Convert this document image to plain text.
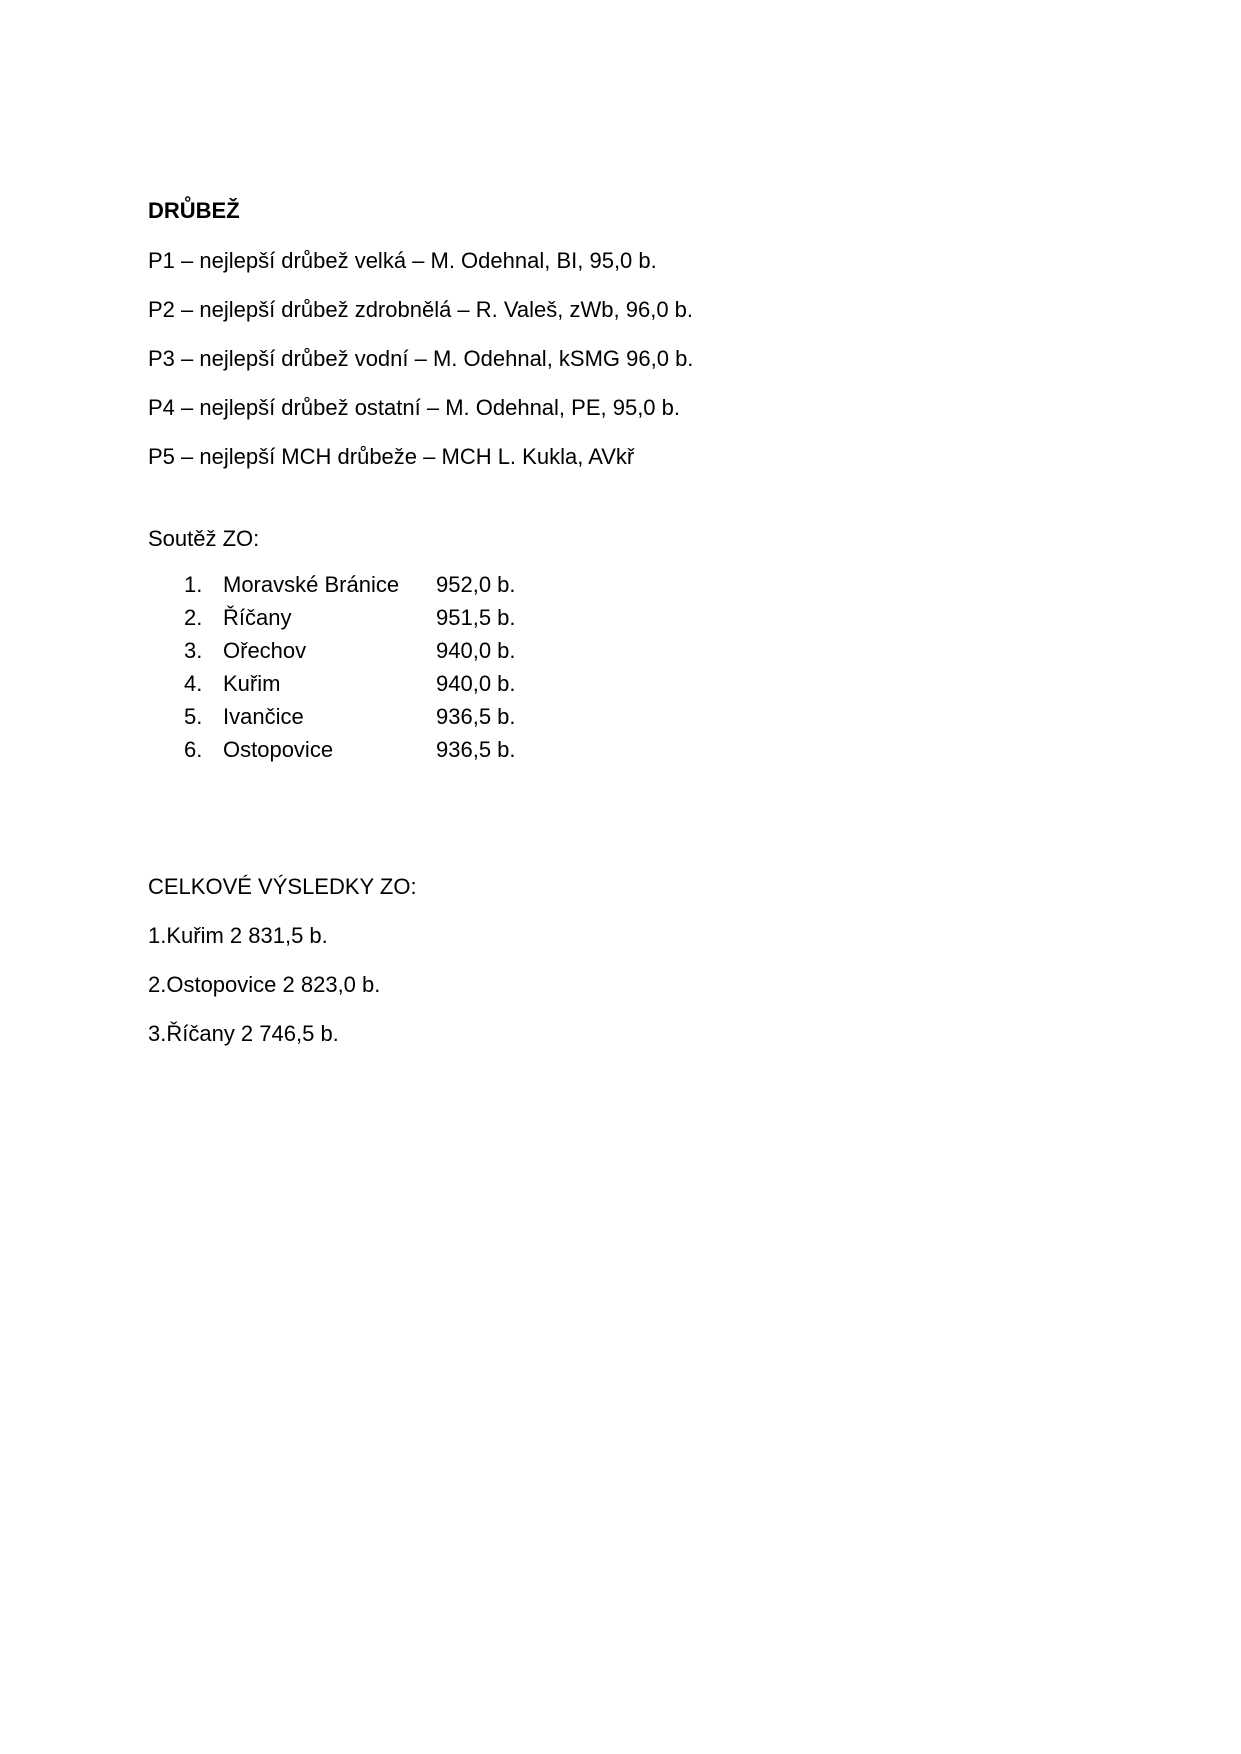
DRŮBEŽ
P1 – nejlepší drůbež velká – M. Odehnal, BI, 95,0 b.
P2 – nejlepší drůbež zdrobnělá – R. Valeš, zWb, 96,0 b.
P3 – nejlepší drůbež vodní – M. Odehnal, kSMG 96,0 b.
P4 – nejlepší drůbež ostatní – M. Odehnal, PE, 95,0 b.
P5 – nejlepší MCH drůbeže – MCH L. Kukla, AVkř
Soutěž ZO:
1. Moravské Bránice	952,0 b.
2. Říčany	951,5 b.
3. Ořechov	940,0 b.
4. Kuřim	940,0 b.
5. Ivančice	936,5 b.
6. Ostopovice	936,5 b.
CELKOVÉ VÝSLEDKY ZO:
1.Kuřim 2 831,5 b.
2.Ostopovice 2 823,0 b.
3.Říčany 2 746,5 b.
